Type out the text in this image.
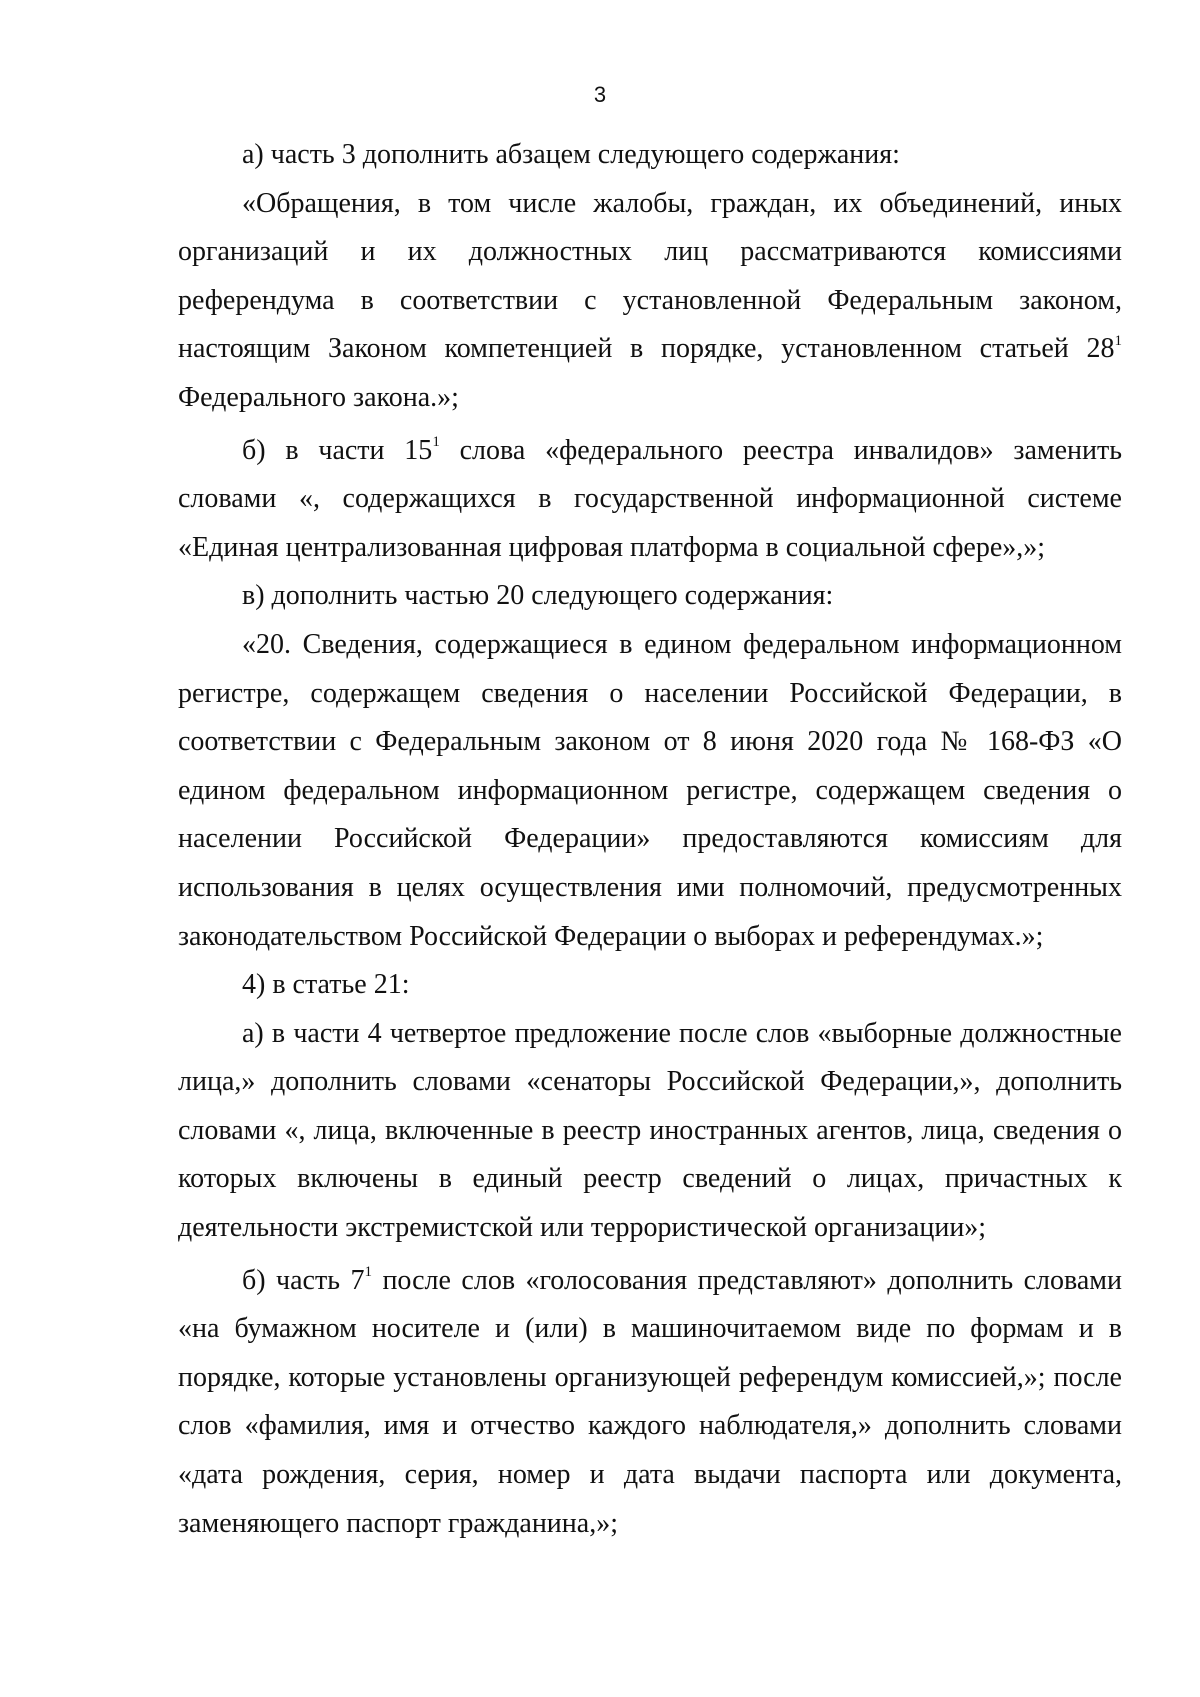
3

а) часть 3 дополнить абзацем следующего содержания:

«Обращения, в том числе жалобы, граждан, их объединений, иных организаций и их должностных лиц рассматриваются комиссиями референдума в соответствии с установленной Федеральным законом, настоящим Законом компетенцией в порядке, установленном статьей $28^1$ Федерального закона.»;

б) в части $15^1$ слова «федерального реестра инвалидов» заменить словами «, содержащихся в государственной информационной системе «Единая централизованная цифровая платформа в социальной сфере»,»;

в) дополнить частью 20 следующего содержания:

«20. Сведения, содержащиеся в едином федеральном информационном регистре, содержащем сведения о населении Российской Федерации, в соответствии с Федеральным законом от 8 июня 2020 года № 168-ФЗ «О едином федеральном информационном регистре, содержащем сведения о населении Российской Федерации» предоставляются комиссиям для использования в целях осуществления ими полномочий, предусмотренных законодательством Российской Федерации о выборах и референдумах.»;

4) в статье 21:

а) в части 4 четвертое предложение после слов «выборные должностные лица,» дополнить словами «сенаторы Российской Федерации,», дополнить словами «, лица, включенные в реестр иностранных агентов, лица, сведения о которых включены в единый реестр сведений о лицах, причастных к деятельности экстремистской или террористической организации»;

б) часть $7^1$ после слов «голосования представляют» дополнить словами «на бумажном носителе и (или) в машиночитаемом виде по формам и в порядке, которые установлены организующей референдум комиссией,»; после слов «фамилия, имя и отчество каждого наблюдателя,» дополнить словами «дата рождения, серия, номер и дата выдачи паспорта или документа, заменяющего паспорт гражданина,»;
